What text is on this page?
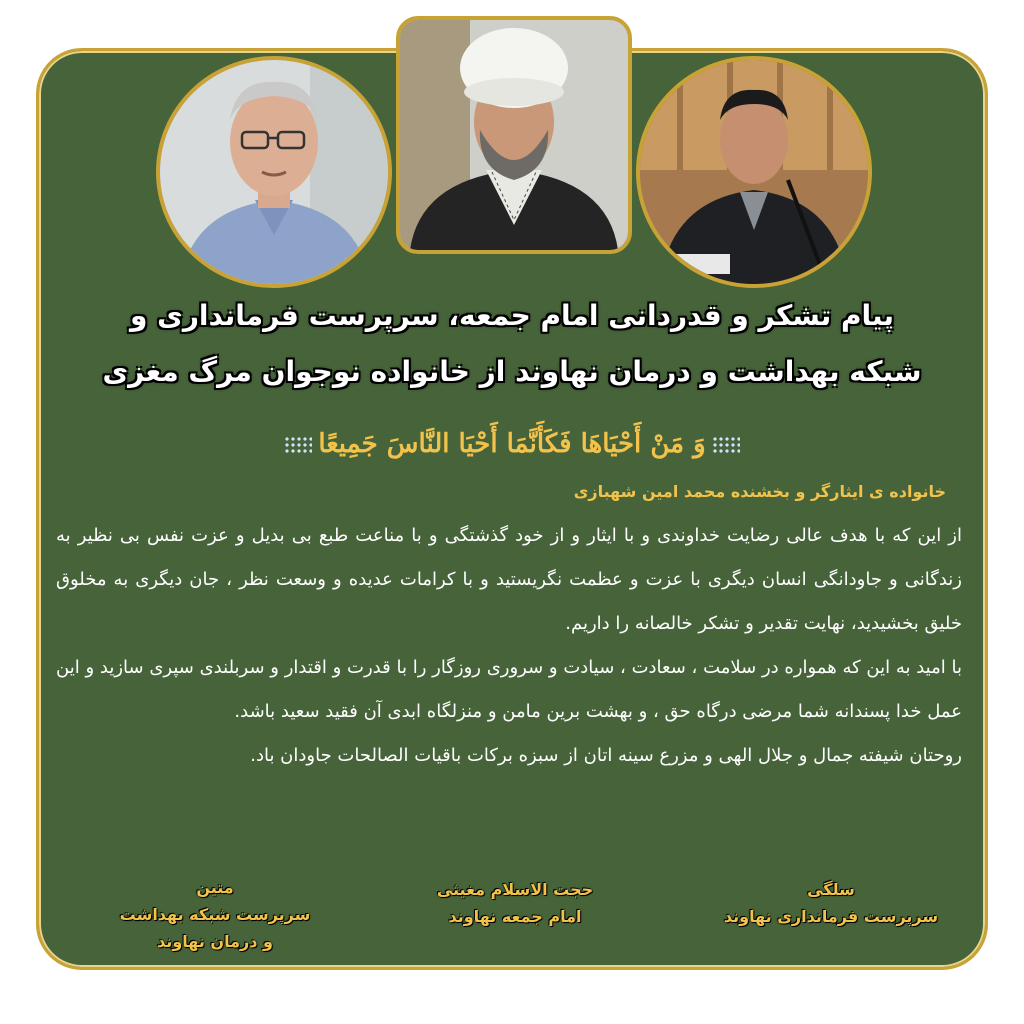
پیام تشکر و قدردانی امام جمعه، سرپرست فرمانداری و
شبکه بهداشت و درمان نهاوند از خانواده نوجوان مرگ مغزی
وَ مَنْ أَحْيَاهَا فَكَأَنَّمَا أَحْيَا النَّاسَ جَمِيعًا
خانواده ی ایثارگر و بخشنده محمد امین شهبازی

از این که با هدف عالی رضایت خداوندی و با ایثار و از خود گذشتگی و با مناعت طبع بی بدیل و عزت نفس بی نظیر به زندگانی و جاودانگی انسان دیگری با عزت و عظمت نگریستید و با کرامات عدیده و وسعت نظر ، جان دیگری به مخلوق خلیق بخشیدید، نهایت تقدیر و تشکر خالصانه را داریم.

با امید به این که همواره در سلامت ، سعادت ، سیادت و سروری روزگار را با قدرت و اقتدار و سربلندی سپری سازید و این عمل خدا پسندانه شما مرضی درگاه حق ، و بهشت برین مامن و منزلگاه ابدی آن فقید سعید باشد.

روحتان شیفته جمال و جلال الهی و مزرع سینه اتان از سبزه برکات باقیات الصالحات جاودان باد.

سلگی
سرپرست فرمانداری نهاوند
حجت الاسلام مغیثی
امام جمعه نهاوند
متین
سرپرست شبکه بهداشت
و درمان نهاوند
